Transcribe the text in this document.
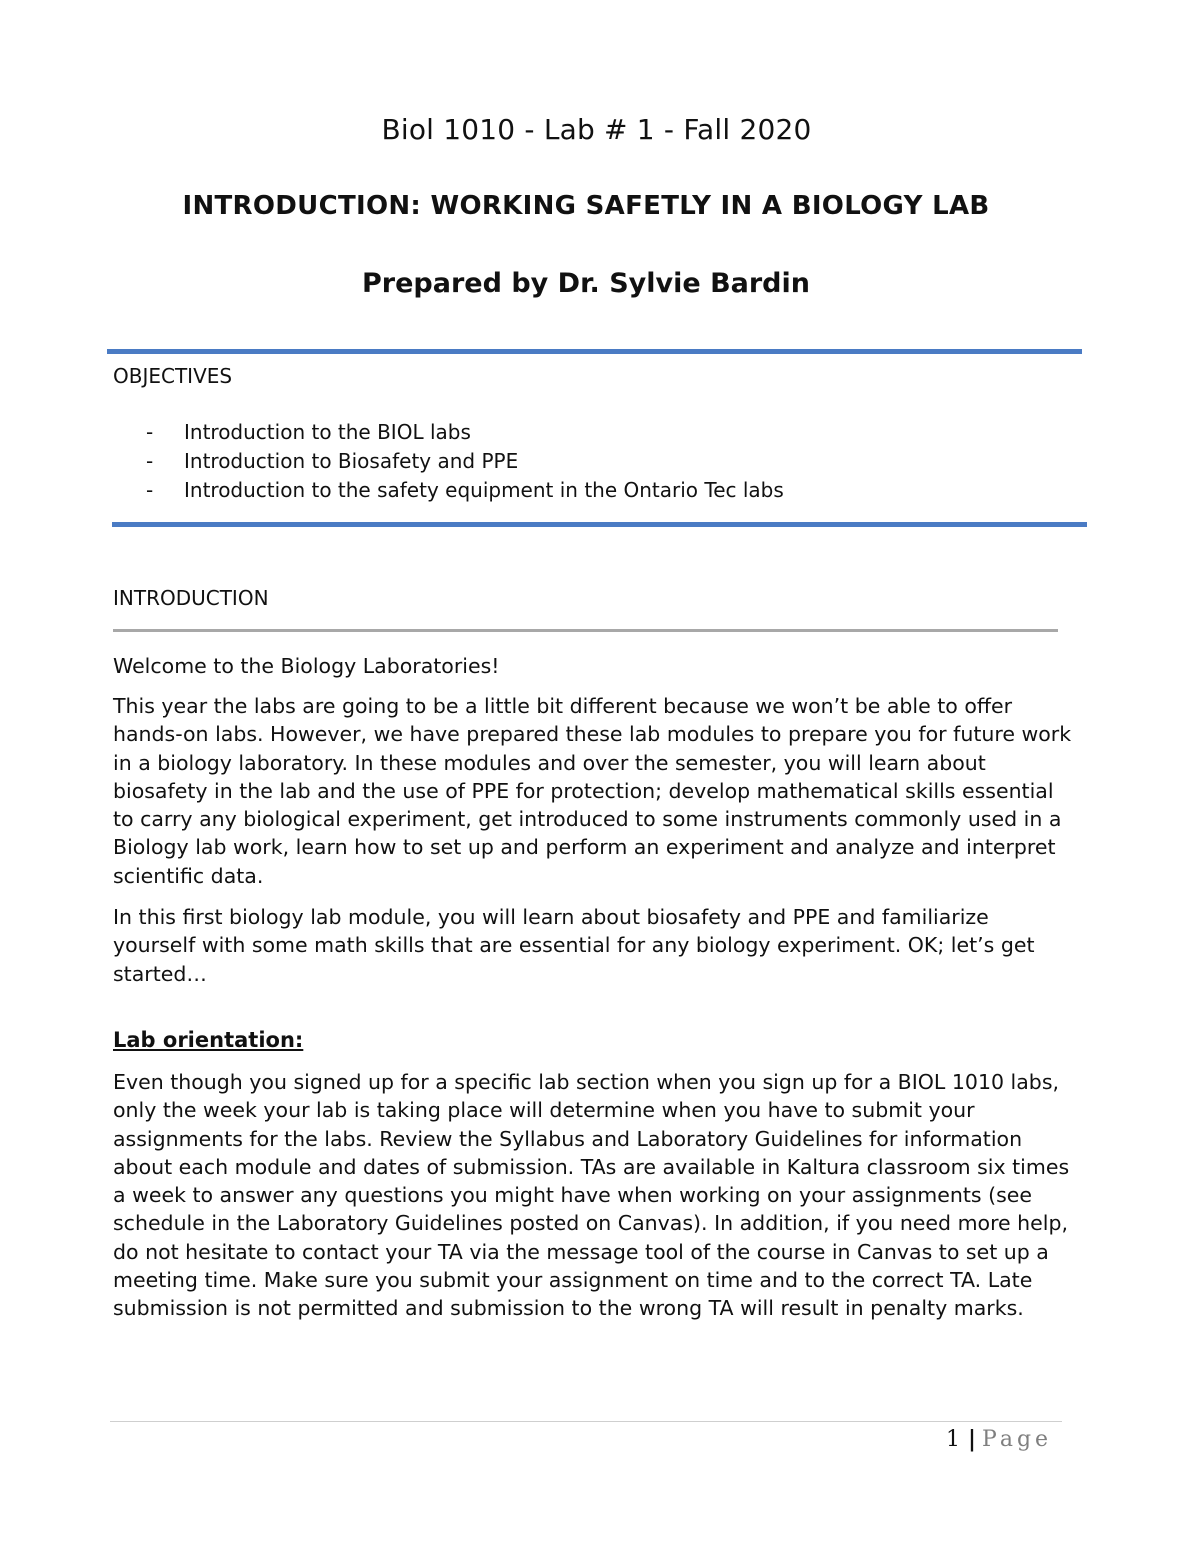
Biol 1010 - Lab # 1 - Fall 2020
INTRODUCTION: WORKING SAFETLY IN A BIOLOGY LAB
Prepared by Dr. Sylvie Bardin
OBJECTIVES
- Introduction to the BIOL labs
- Introduction to Biosafety and PPE
- Introduction to the safety equipment in the Ontario Tec labs
INTRODUCTION

Welcome to the Biology Laboratories!

This year the labs are going to be a little bit different because we won’t be able to offer hands-on labs. However, we have prepared these lab modules to prepare you for future work in a biology laboratory. In these modules and over the semester, you will learn about biosafety in the lab and the use of PPE for protection; develop mathematical skills essential to carry any biological experiment, get introduced to some instruments commonly used in a Biology lab work, learn how to set up and perform an experiment and analyze and interpret scientific data.

In this first biology lab module, you will learn about biosafety and PPE and familiarize yourself with some math skills that are essential for any biology experiment. OK; let’s get started…

Lab orientation:

Even though you signed up for a specific lab section when you sign up for a BIOL 1010 labs, only the week your lab is taking place will determine when you have to submit your assignments for the labs. Review the Syllabus and Laboratory Guidelines for information about each module and dates of submission. TAs are available in Kaltura classroom six times a week to answer any questions you might have when working on your assignments (see schedule in the Laboratory Guidelines posted on Canvas). In addition, if you need more help, do not hesitate to contact your TA via the message tool of the course in Canvas to set up a meeting time. Make sure you submit your assignment on time and to the correct TA. Late submission is not permitted and submission to the wrong TA will result in penalty marks.

1 | Page
